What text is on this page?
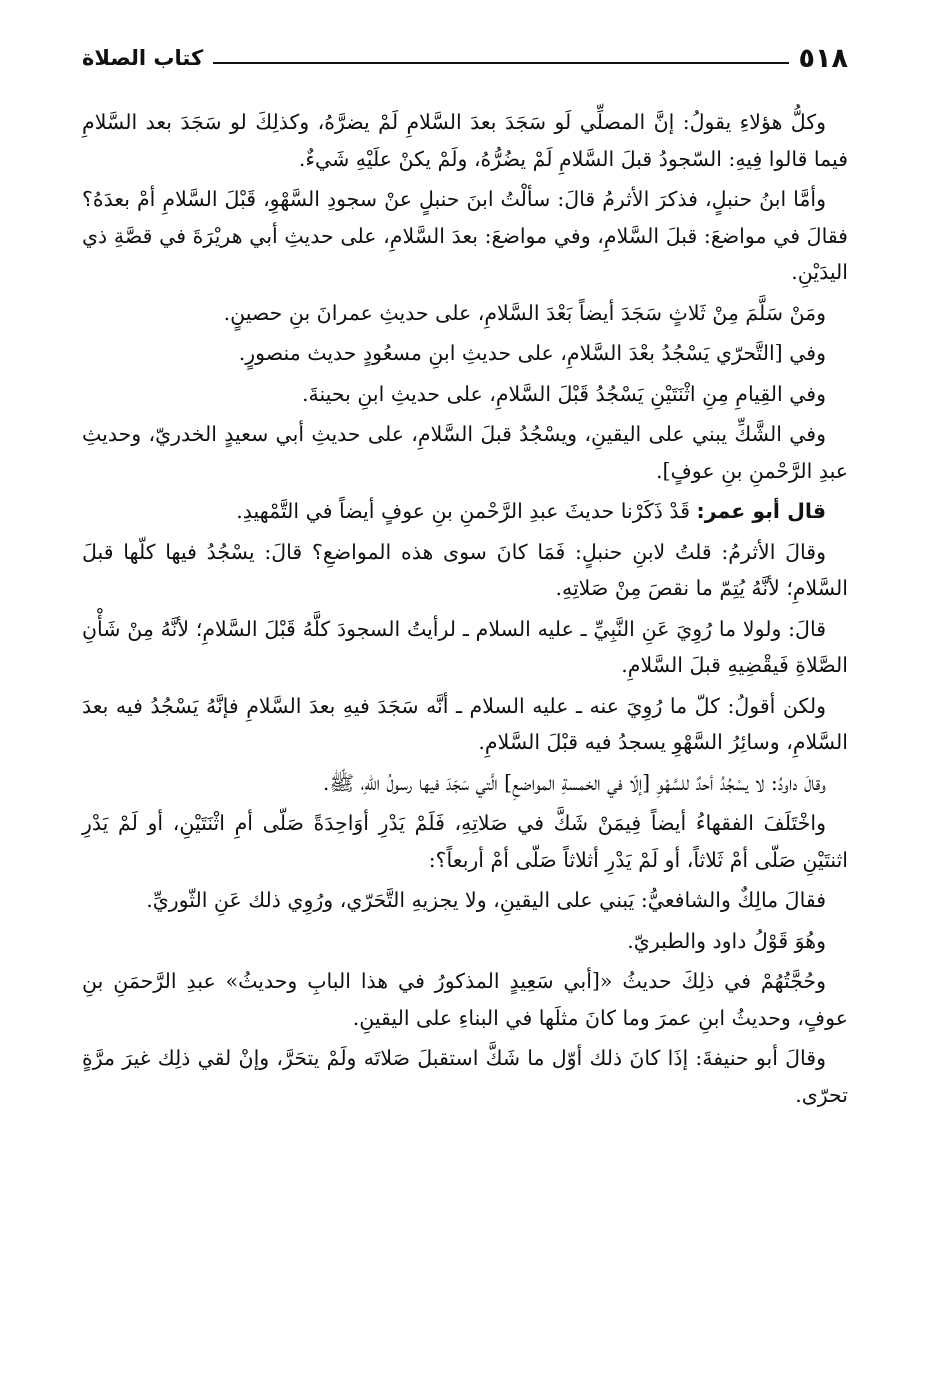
٥١٨
كتاب الصلاة

وكلُّ هؤلاءِ يقولُ: إنَّ المصلِّي لَو سَجَدَ بعدَ السَّلامِ لَمْ يضرَّهُ، وكذلِكَ لو سَجَدَ بعد السَّلامِ فيما قالوا فِيهِ: السّجودُ قبلَ السَّلامِ لَمْ يضُرُّهُ، ولَمْ يكنْ علَيْهِ شَيءٌ.

وأمَّا ابنُ حنبلٍ، فذكرَ الأثرمُ قالَ: سألْتُ ابنَ حنبلٍ عنْ سجودِ السَّهْوِ، قَبْلَ السَّلامِ أمْ بعدَهُ؟ فقالَ في مواضعَ: قبلَ السَّلامِ، وفي مواضعَ: بعدَ السَّلامِ، على حديثِ أبي هريْرَةَ في قصَّةِ ذي اليدَيْنِ.

ومَنْ سَلَّمَ مِنْ ثَلاثٍ سَجَدَ أيضاً بَعْدَ السَّلامِ، على حديثِ عمرانَ بنِ حصينٍ.

وفي [التَّحرّي يَسْجُدُ بعْدَ السَّلامِ، على حديثِ ابنِ مسعُودٍ حديث منصورٍ.

وفي القِيامِ مِنِ اثْنَتَيْنِ يَسْجُدُ قَبْلَ السَّلامِ، على حديثِ ابنِ بحينةَ.

وفي الشَّكِّ يبني على اليقينِ، ويسْجُدُ قبلَ السَّلامِ، على حديثِ أبي سعيدٍ الخدريّ، وحديثِ عبدِ الرَّحْمنِ بنِ عوفٍ].

قال أبو عمر: قَدْ ذَكَرْنا حديثَ عبدِ الرَّحْمنِ بنِ عوفٍ أيضاً في التَّمْهيدِ.

وقالَ الأثرمُ: قلتُ لابنِ حنبلٍ: فَمَا كانَ سوى هذه المواضعِ؟ قالَ: يسْجُدُ فيها كلّها قبلَ السَّلامِ؛ لأنَّهُ يُتِمّ ما نقصَ مِنْ صَلاتِهِ.

قالَ: ولولا ما رُوِيَ عَنِ النَّبِيِّ ـ عليه السلام ـ لرأيتُ السجودَ كلَّهُ قَبْلَ السَّلامِ؛ لأنَّهُ مِنْ شَأْنِ الصَّلاةِ فَيقْضِيهِ قبلَ السَّلامِ.

ولكن أقولُ: كلّ ما رُوِيَ عنه ـ عليه السلام ـ أنَّه سَجَدَ فيهِ بعدَ السَّلامِ فإنَّهُ يَسْجُدُ فيه بعدَ السَّلامِ، وسائِرُ السَّهْوِ يسجدُ فيه قبْلَ السَّلامِ.

وقالَ داودُ: لا يسْجُدُ أحدٌ للسَّهْوِ [إلّا في الخمسةِ المواضعِ] الَّتي سَجَدَ فيها رسولُ اللهِ، ﷺ.

واخْتَلَفَ الفقهاءُ أيضاً فِيمَنْ شَكَّ في صَلاتِهِ، فَلَمْ يَدْرِ أوَاحِدَةً صَلّى أمِ اثْنَتَيْنِ، أو لَمْ يَدْرِ اثنتَيْنِ صَلّى أمْ ثَلاثاً، أو لَمْ يَدْرِ أثلاثاً صَلّى أمْ أربعاً؟:

فقالَ مالِكٌ والشافعيُّ: يَبني على اليقينِ، ولا يجزيهِ التَّحَرّي، ورُوِي ذلك عَنِ الثّوريِّ.

وهُوَ قَوْلُ داود والطبريّ.

وحُجَّتُهُمْ في ذلِكَ حديثُ «[أبي سَعِيدٍ المذكورُ في هذا البابِ وحديثُ» عبدِ الرَّحمَنِ بنِ عوفٍ، وحديثُ ابنِ عمرَ وما كانَ مثلَها في البناءِ على اليقينِ.

وقالَ أبو حنيفةَ: إذَا كانَ ذلك أوّل ما شَكَّ استقبلَ صَلاتَه ولَمْ يتحَرَّ، وإنْ لقي ذلِك غيرَ مرَّةٍ تحرّى.
